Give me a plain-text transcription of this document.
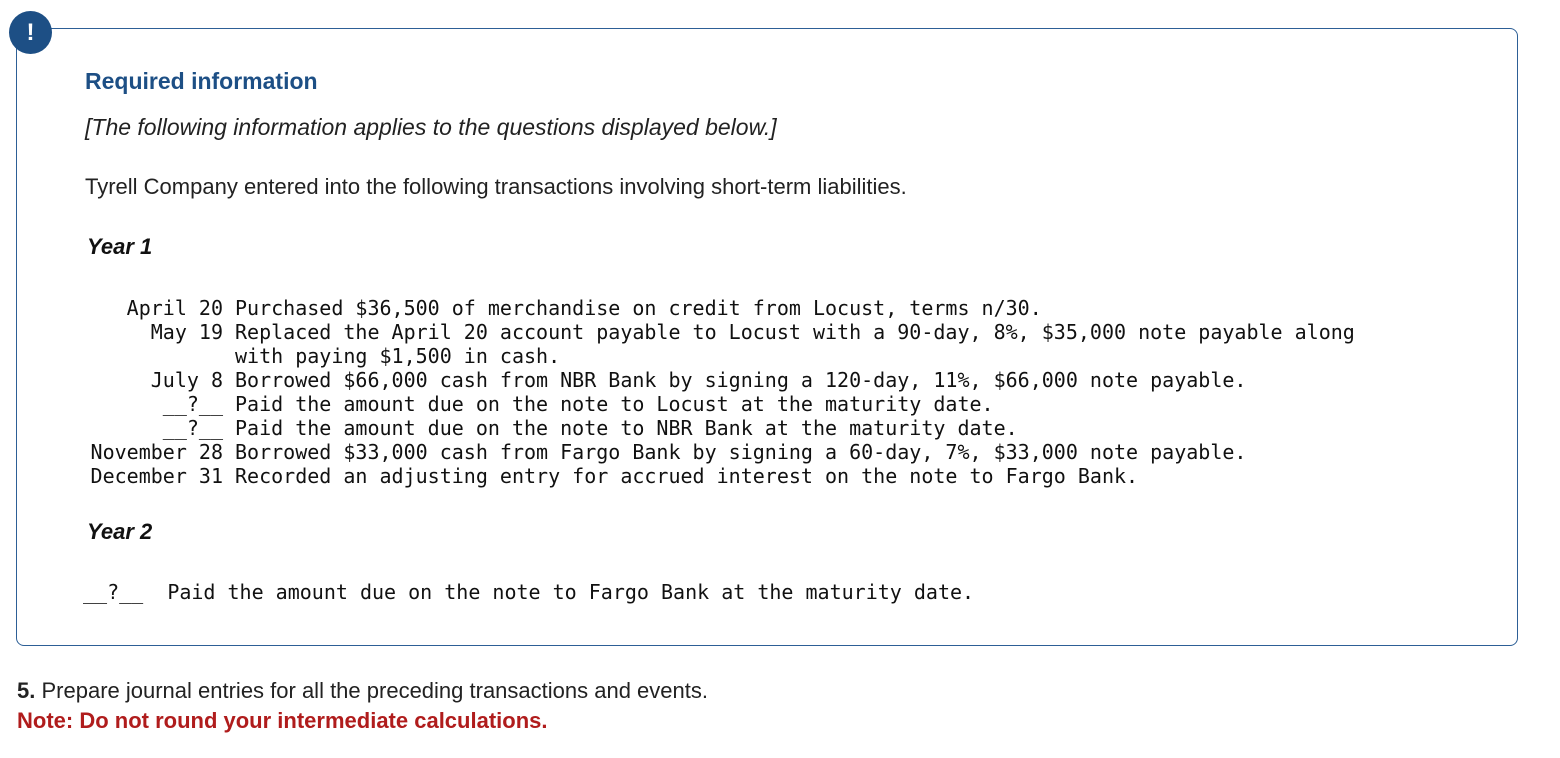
!
Required information

[The following information applies to the questions displayed below.]

Tyrell Company entered into the following transactions involving short-term liabilities.

Year 1

April 20	Purchased $36,500 of merchandise on credit from Locust, terms n/30.
May 19	Replaced the April 20 account payable to Locust with a 90-day, 8%, $35,000 note payable along with paying $1,500 in cash.
July 8	Borrowed $66,000 cash from NBR Bank by signing a 120-day, 11%, $66,000 note payable.
__?__	Paid the amount due on the note to Locust at the maturity date.
__?__	Paid the amount due on the note to NBR Bank at the maturity date.
November 28	Borrowed $33,000 cash from Fargo Bank by signing a 60-day, 7%, $33,000 note payable.
December 31	Recorded an adjusting entry for accrued interest on the note to Fargo Bank.

Year 2

__?__ Paid the amount due on the note to Fargo Bank at the maturity date.

5. Prepare journal entries for all the preceding transactions and events.

Note: Do not round your intermediate calculations.
